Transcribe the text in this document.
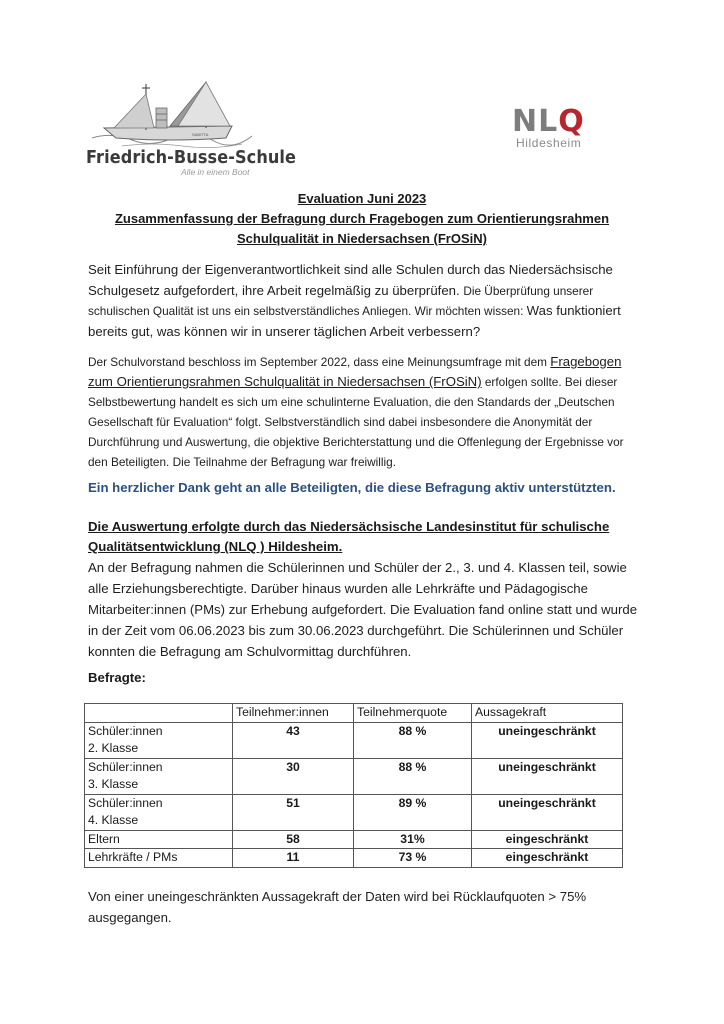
SABITTA
Friedrich-Busse-Schule
Alle in einem Boot
NLQ
Hildesheim
Evaluation Juni 2023
Zusammenfassung der Befragung durch Fragebogen zum Orientierungsrahmen
Schulqualität in Niedersachsen (FrOSiN)

Seit Einführung der Eigenverantwortlichkeit sind alle Schulen durch das Niedersächsische Schulgesetz aufgefordert, ihre Arbeit regelmäßig zu überprüfen. Die Überprüfung unserer schulischen Qualität ist uns ein selbstverständliches Anliegen. Wir möchten wissen: Was funktioniert bereits gut, was können wir in unserer täglichen Arbeit verbessern?

Der Schulvorstand beschloss im September 2022, dass eine Meinungsumfrage mit dem Fragebogen zum Orientierungsrahmen Schulqualität in Niedersachsen (FrOSiN) erfolgen sollte. Bei dieser Selbstbewertung handelt es sich um eine schulinterne Evaluation, die den Standards der „Deutschen Gesellschaft für Evaluation“ folgt. Selbstverständlich sind dabei insbesondere die Anonymität der Durchführung und Auswertung, die objektive Berichterstattung und die Offenlegung der Ergebnisse vor den Beteiligten. Die Teilnahme der Befragung war freiwillig.

Ein herzlicher Dank geht an alle Beteiligten, die diese Befragung aktiv unterstützten.
Die Auswertung erfolgte durch das Niedersächsische Landesinstitut für schulische Qualitätsentwicklung (NLQ ) Hildesheim.

An der Befragung nahmen die Schülerinnen und Schüler der 2., 3. und 4. Klassen teil, sowie alle Erziehungsberechtigte. Darüber hinaus wurden alle Lehrkräfte und Pädagogische Mitarbeiter:innen (PMs) zur Erhebung aufgefordert. Die Evaluation fand online statt und wurde in der Zeit vom 06.06.2023 bis zum 30.06.2023 durchgeführt. Die Schülerinnen und Schüler konnten die Befragung am Schulvormittag durchführen.

Befragte:
	Teilnehmer:innen	Teilnehmerquote	Aussagekraft

Schüler:innen
2. Klasse	43	88 %	uneingeschränkt

Schüler:innen
3. Klasse	30	88 %	uneingeschränkt

Schüler:innen
4. Klasse	51	89 %	uneingeschränkt
Eltern	58	31%	eingeschränkt
Lehrkräfte / PMs	11	73 %	eingeschränkt

Von einer uneingeschränkten Aussagekraft der Daten wird bei Rücklaufquoten > 75% ausgegangen.
